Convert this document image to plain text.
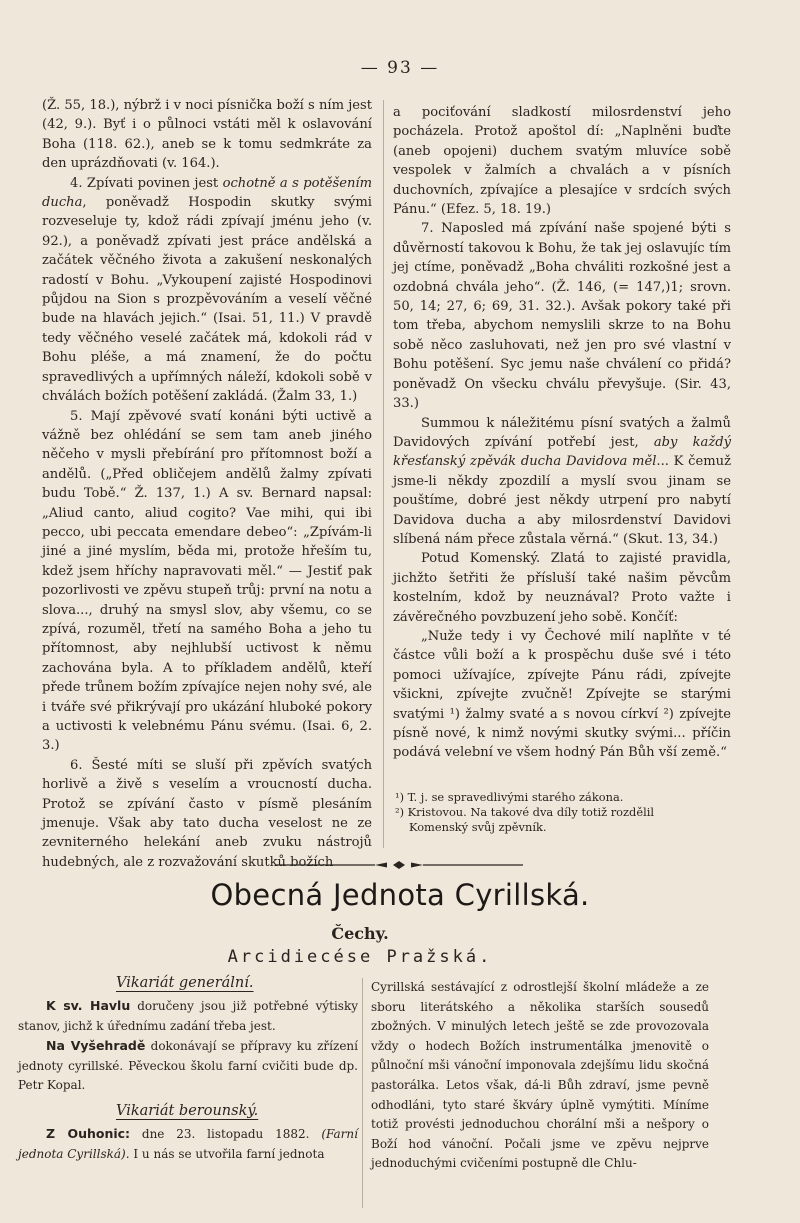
— 93 —

(Ž. 55, 18.), nýbrž i v noci písnička boží s ním jest (42, 9.). Byť i o půlnoci vstáti měl k oslavování Boha (118. 62.), aneb se k tomu sedmkráte za den uprázdňovati (v. 164.).

4. Zpívati povinen jest ochotně a s potěšením ducha, poněvadž Hospodin skutky svými rozveseluje ty, kdož rádi zpívají jménu jeho (v. 92.), a poněvadž zpívati jest práce andělská a začátek věčného života a zakušení neskonalých radostí v Bohu. „Vykoupení zajisté Hospodinovi půjdou na Sion s prozpěvováním a veselí věčné bude na hlavách jejich.“ (Isai. 51, 11.) V pravdě tedy věčného veselé začátek má, kdokoli rád v Bohu pléše, a má znamení, že do počtu spravedlivých a upřímných náleží, kdokoli sobě v chválách božích potěšení zakládá. (Žalm 33, 1.)

5. Mají zpěvové svatí konáni býti uctivě a vážně bez ohlédání se sem tam aneb jiného něčeho v mysli přebírání pro přítomnost boží a andělů. („Před obličejem andělů žalmy zpívati budu Tobě.“ Ž. 137, 1.) A sv. Bernard napsal: „Aliud canto, aliud cogito? Vae mihi, qui ibi pecco, ubi peccata emendare debeo“: „Zpívám-li jiné a jiné myslím, běda mi, protože hřeším tu, kdež jsem hříchy napravovati měl.“ — Jestiť pak pozorlivosti ve zpěvu stupeň trůj: první na notu a slova..., druhý na smysl slov, aby všemu, co se zpívá, rozuměl, třetí na samého Boha a jeho tu přítomnost, aby nejhlubší uctivost k němu zachována byla. A to příkladem andělů, kteří přede trůnem božím zpívajíce nejen nohy své, ale i tváře své přikrývají pro ukázání hluboké pokory a uctivosti k velebnému Pánu svému. (Isai. 6, 2. 3.)

6. Šesté míti se sluší při zpěvích svatých horlivě a živě s veselím a vroucností ducha. Protož se zpívání často v písmě plesáním jmenuje. Však aby tato ducha veselost ne ze zevniterného helekání aneb zvuku nástrojů hudebných, ale z rozvažování skutků božích

a pociťování sladkostí milosrdenství jeho pocházela. Protož apoštol dí: „Naplněni buďte (aneb opojeni) duchem svatým mluvíce sobě vespolek v žalmích a chvalách a v písních duchovních, zpívajíce a plesajíce v srdcích svých Pánu.“ (Efez. 5, 18. 19.)

7. Naposled má zpívání naše spojené býti s důvěrností takovou k Bohu, že tak jej oslavujíc tím jej ctíme, poněvadž „Boha chváliti rozkošné jest a ozdobná chvála jeho“. (Ž. 146, (= 147,)1; srovn. 50, 14; 27, 6; 69, 31. 32.). Avšak pokory také při tom třeba, abychom nemyslili skrze to na Bohu sobě něco zasluhovati, než jen pro své vlastní v Bohu potěšení. Syc jemu naše chválení co přidá? poněvadž On všecku chválu převyšuje. (Sir. 43, 33.)

Summou k náležitému písní svatých a žalmů Davidových zpívání potřebí jest, aby každý křesťanský zpěvák ducha Davidova měl... K čemuž jsme-li někdy zpozdilí a myslí svou jinam se pouštíme, dobré jest někdy utrpení pro nabytí Davidova ducha a aby milosrdenství Davidovi slíbená nám přece zůstala věrná.“ (Skut. 13, 34.)

Potud Komenský. Zlatá to zajisté pravidla, jichžto šetřiti že přísluší také našim pěvcům kostelním, kdož by neuznával? Proto važte i závěrečného povzbuzení jeho sobě. Končíť:

„Nuže tedy i vy Čechové milí naplňte v té částce vůli boží a k prospěchu duše své i této pomoci užívajíce, zpívejte Pánu rádi, zpívejte všickni, zpívejte zvučně! Zpívejte se starými svatými ¹) žalmy svaté a s novou církví ²) zpívejte písně nové, k nimž novými skutky svými... příčin podává velební ve všem hodný Pán Bůh vší země.“

¹) T. j. se spravedlivými starého zákona.

²) Kristovou. Na takové dva díly totiž rozdělil

Komenský svůj zpěvník.

Obecná Jednota Cyrillská.
Čechy.
Arcidiecése Pražská.

Vikariát generální.

K sv. Havlu doručeny jsou již potřebné výtisky stanov, jichž k úřednímu zadání třeba jest.

Na Vyšehradě dokonávají se přípravy ku zřízení jednoty cyrillské. Pěveckou školu farní cvičiti bude dp. Petr Kopal.

Vikariát berounský.

Z Ouhonic: dne 23. listopadu 1882. (Farní jednota Cyrillská). I u nás se utvořila farní jednota

Cyrillská sestávající z odrostlejší školní mládeže a ze sboru literátského a několika starších sousedů zbožných. V minulých letech ještě se zde provozovala vždy o hodech Božích instrumentálka jmenovitě o půlnoční mši vánoční imponovala zdejšímu lidu skočná pastorálka. Letos však, dá-li Bůh zdraví, jsme pevně odhodláni, tyto staré škváry úplně vymýtiti. Míníme totiž provésti jednoduchou chorální mši a nešpory o Boží hod vánoční. Počali jsme ve zpěvu nejprve jednoduchými cvičeními postupně dle Chlu-
